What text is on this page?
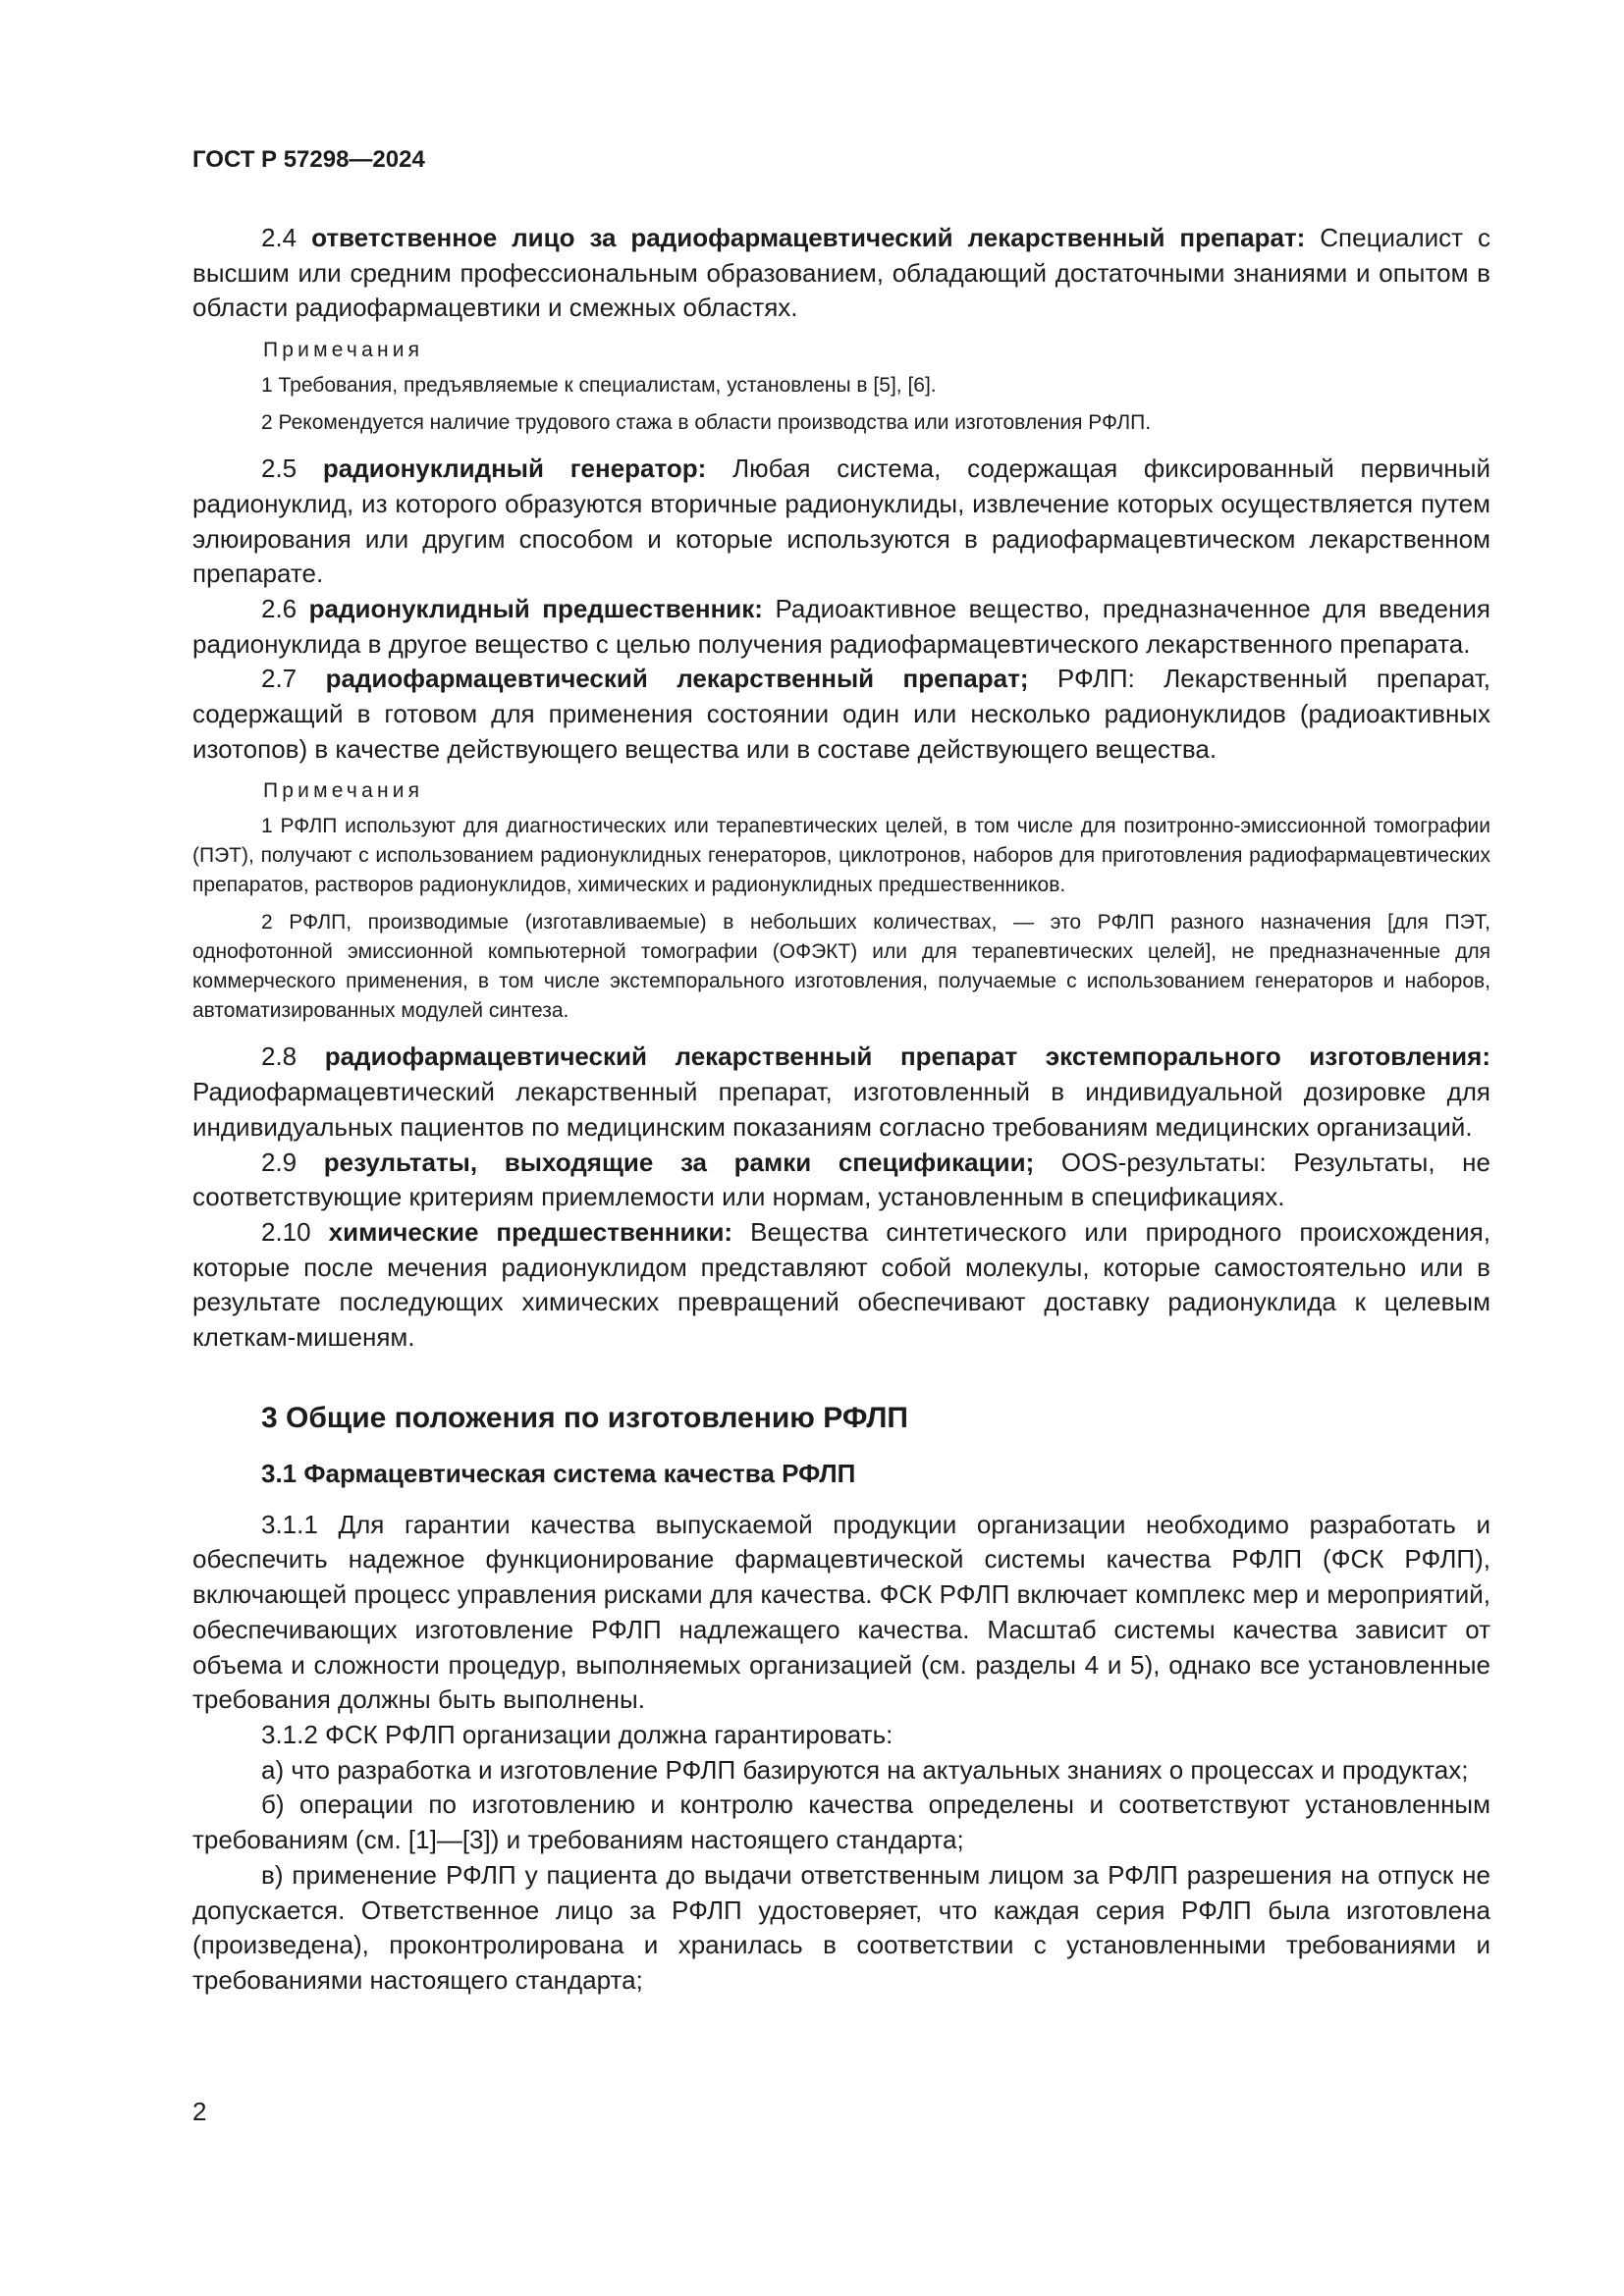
ГОСТ Р 57298—2024

2.4 ответственное лицо за радиофармацевтический лекарственный препарат: Специалист с высшим или средним профессиональным образованием, обладающий достаточными знаниями и опытом в области радиофармацевтики и смежных областях.

Примечания
1 Требования, предъявляемые к специалистам, установлены в [5], [6].
2 Рекомендуется наличие трудового стажа в области производства или изготовления РФЛП.

2.5 радионуклидный генератор: Любая система, содержащая фиксированный первичный радионуклид, из которого образуются вторичные радионуклиды, извлечение которых осуществляется путем элюирования или другим способом и которые используются в радиофармацевтическом лекарственном препарате.

2.6 радионуклидный предшественник: Радиоактивное вещество, предназначенное для введения радионуклида в другое вещество с целью получения радиофармацевтического лекарственного препарата.

2.7 радиофармацевтический лекарственный препарат; РФЛП: Лекарственный препарат, содержащий в готовом для применения состоянии один или несколько радионуклидов (радиоактивных изотопов) в качестве действующего вещества или в составе действующего вещества.

Примечания
1 РФЛП используют для диагностических или терапевтических целей, в том числе для позитронно-эмиссионной томографии (ПЭТ), получают с использованием радионуклидных генераторов, циклотронов, наборов для приготовления радиофармацевтических препаратов, растворов радионуклидов, химических и радионуклидных предшественников.
2 РФЛП, производимые (изготавливаемые) в небольших количествах, — это РФЛП разного назначения [для ПЭТ, однофотонной эмиссионной компьютерной томографии (ОФЭКТ) или для терапевтических целей], не предназначенные для коммерческого применения, в том числе экстемпорального изготовления, получаемые с использованием генераторов и наборов, автоматизированных модулей синтеза.

2.8 радиофармацевтический лекарственный препарат экстемпорального изготовления: Радиофармацевтический лекарственный препарат, изготовленный в индивидуальной дозировке для индивидуальных пациентов по медицинским показаниям согласно требованиям медицинских организаций.

2.9 результаты, выходящие за рамки спецификации; OOS-результаты: Результаты, не соответствующие критериям приемлемости или нормам, установленным в спецификациях.

2.10 химические предшественники: Вещества синтетического или природного происхождения, которые после мечения радионуклидом представляют собой молекулы, которые самостоятельно или в результате последующих химических превращений обеспечивают доставку радионуклида к целевым клеткам-мишеням.

3 Общие положения по изготовлению РФЛП
3.1 Фармацевтическая система качества РФЛП

3.1.1 Для гарантии качества выпускаемой продукции организации необходимо разработать и обеспечить надежное функционирование фармацевтической системы качества РФЛП (ФСК РФЛП), включающей процесс управления рисками для качества. ФСК РФЛП включает комплекс мер и мероприятий, обеспечивающих изготовление РФЛП надлежащего качества. Масштаб системы качества зависит от объема и сложности процедур, выполняемых организацией (см. разделы 4 и 5), однако все установленные требования должны быть выполнены.

3.1.2 ФСК РФЛП организации должна гарантировать:

а) что разработка и изготовление РФЛП базируются на актуальных знаниях о процессах и продуктах;

б) операции по изготовлению и контролю качества определены и соответствуют установленным требованиям (см. [1]—[3]) и требованиям настоящего стандарта;

в) применение РФЛП у пациента до выдачи ответственным лицом за РФЛП разрешения на отпуск не допускается. Ответственное лицо за РФЛП удостоверяет, что каждая серия РФЛП была изготовлена (произведена), проконтролирована и хранилась в соответствии с установленными требованиями и требованиями настоящего стандарта;

2
